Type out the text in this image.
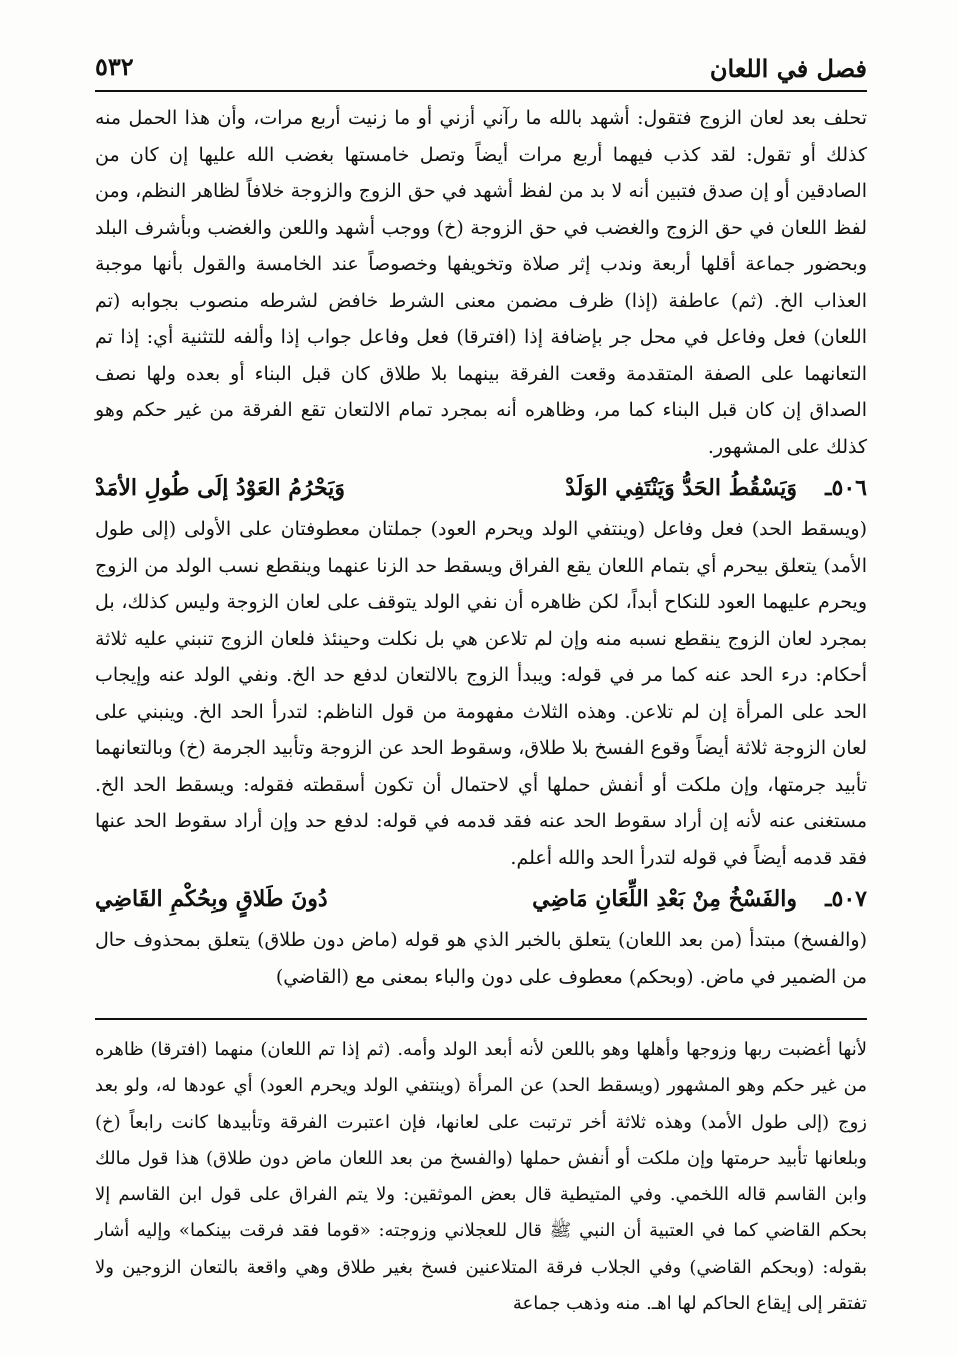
فصل في اللعان
٥٣٢

تحلف بعد لعان الزوج فتقول: أشهد بالله ما رآني أزني أو ما زنيت أربع مرات، وأن هذا الحمل منه كذلك أو تقول: لقد كذب فيهما أربع مرات أيضاً وتصل خامستها بغضب الله عليها إن كان من الصادقين أو إن صدق فتبين أنه لا بد من لفظ أشهد في حق الزوج والزوجة خلافاً لظاهر النظم، ومن لفظ اللعان في حق الزوج والغضب في حق الزوجة (خ) ووجب أشهد واللعن والغضب وبأشرف البلد وبحضور جماعة أقلها أربعة وندب إثر صلاة وتخويفها وخصوصاً عند الخامسة والقول بأنها موجبة العذاب الخ. (ثم) عاطفة (إذا) ظرف مضمن معنى الشرط خافض لشرطه منصوب بجوابه (تم اللعان) فعل وفاعل في محل جر بإضافة إذا (افترقا) فعل وفاعل جواب إذا وألفه للتثنية أي: إذا تم التعانهما على الصفة المتقدمة وقعت الفرقة بينهما بلا طلاق كان قبل البناء أو بعده ولها نصف الصداق إن كان قبل البناء كما مر، وظاهره أنه بمجرد تمام الالتعان تقع الفرقة من غير حكم وهو كذلك على المشهور.

٥٠٦ـ
وَيَسْقُطُ الحَدُّ وَيَنْتَفِي الوَلَدْ
وَيَحْرُمُ العَوْدُ إلَى طُولِ الأمَدْ

(ويسقط الحد) فعل وفاعل (وينتفي الولد ويحرم العود) جملتان معطوفتان على الأولى (إلى طول الأمد) يتعلق بيحرم أي بتمام اللعان يقع الفراق ويسقط حد الزنا عنهما وينقطع نسب الولد من الزوج ويحرم عليهما العود للنكاح أبداً، لكن ظاهره أن نفي الولد يتوقف على لعان الزوجة وليس كذلك، بل بمجرد لعان الزوج ينقطع نسبه منه وإن لم تلاعن هي بل نكلت وحينئذ فلعان الزوج تنبني عليه ثلاثة أحكام: درء الحد عنه كما مر في قوله: ويبدأ الزوج بالالتعان لدفع حد الخ. ونفي الولد عنه وإيجاب الحد على المرأة إن لم تلاعن. وهذه الثلاث مفهومة من قول الناظم: لتدرأ الحد الخ. وينبني على لعان الزوجة ثلاثة أيضاً وقوع الفسخ بلا طلاق، وسقوط الحد عن الزوجة وتأبيد الجرمة (خ) وبالتعانهما تأبيد جرمتها، وإن ملكت أو أنفش حملها أي لاحتمال أن تكون أسقطته فقوله: ويسقط الحد الخ. مستغنى عنه لأنه إن أراد سقوط الحد عنه فقد قدمه في قوله: لدفع حد وإن أراد سقوط الحد عنها فقد قدمه أيضاً في قوله لتدرأ الحد والله أعلم.

٥٠٧ـ
والفَسْخُ مِنْ بَعْدِ اللِّعَانِ مَاضِي
دُونَ طَلاقٍ وبِحُكْمِ القَاضِي

(والفسخ) مبتدأ (من بعد اللعان) يتعلق بالخبر الذي هو قوله (ماض دون طلاق) يتعلق بمحذوف حال من الضمير في ماض. (وبحكم) معطوف على دون والباء بمعنى مع (القاضي)

لأنها أغضبت ربها وزوجها وأهلها وهو باللعن لأنه أبعد الولد وأمه. (ثم إذا تم اللعان) منهما (افترقا) ظاهره من غير حكم وهو المشهور (ويسقط الحد) عن المرأة (وينتفي الولد ويحرم العود) أي عودها له، ولو بعد زوج (إلى طول الأمد) وهذه ثلاثة أخر ترتبت على لعانها، فإن اعتبرت الفرقة وتأبيدها كانت رابعاً (خ) وبلعانها تأبيد حرمتها وإن ملكت أو أنفش حملها (والفسخ من بعد اللعان ماض دون طلاق) هذا قول مالك وابن القاسم قاله اللخمي. وفي المتيطية قال بعض الموثقين: ولا يتم الفراق على قول ابن القاسم إلا بحكم القاضي كما في العتبية أن النبي ﷺ قال للعجلاني وزوجته: «قوما فقد فرقت بينكما» وإليه أشار بقوله: (وبحكم القاضي) وفي الجلاب فرقة المتلاعنين فسخ بغير طلاق وهي واقعة بالتعان الزوجين ولا تفتقر إلى إيقاع الحاكم لها اهـ. منه وذهب جماعة
